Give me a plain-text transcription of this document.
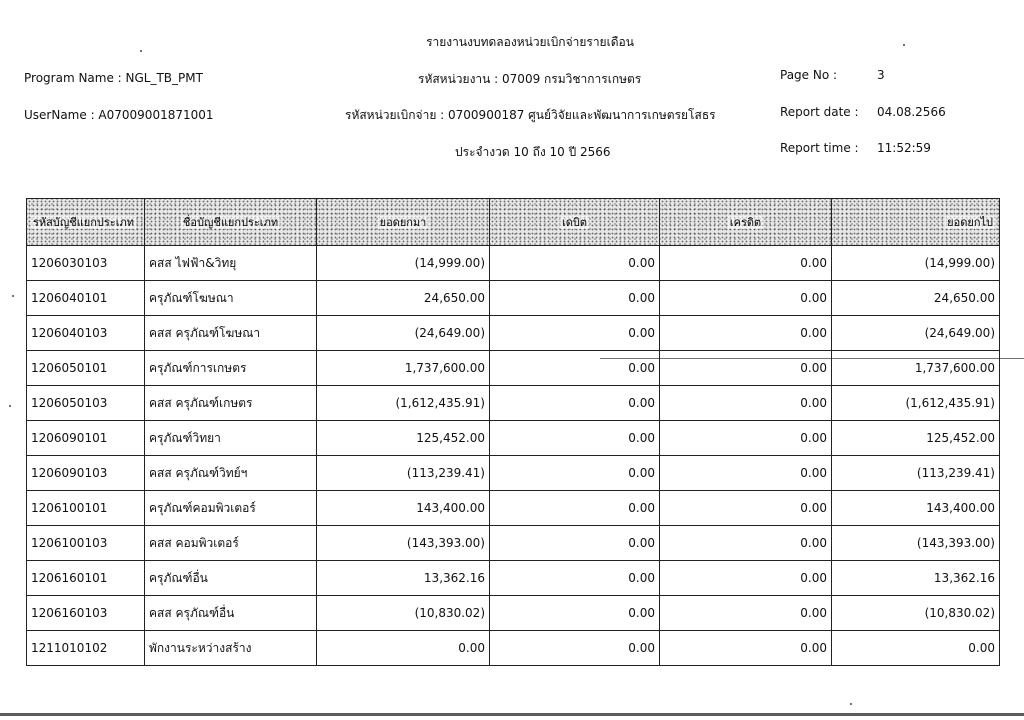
รายงานงบทดลองหน่วยเบิกจ่ายรายเดือน
Program Name : NGL_TB_PMT
UserName : A07009001871001
รหัสหน่วยงาน : 07009 กรมวิชาการเกษตร
รหัสหน่วยเบิกจ่าย : 0700900187 ศูนย์วิจัยและพัฒนาการเกษตรยโสธร
ประจำงวด 10 ถึง 10 ปี 2566
Page No :	3
Report date : 04.08.2566
Report time : 11:52:59
รหัสบัญชีแยกประเภท	ชื่อบัญชีแยกประเภท	ยอดยกมา	เดบิต	เครดิต	ยอดยกไป
1206030103	คสส ไฟฟ้า&วิทยุ	(14,999.00)	0.00	0.00	(14,999.00)
1206040101	ครุภัณฑ์โฆษณา	24,650.00	0.00	0.00	24,650.00
1206040103	คสส ครุภัณฑ์โฆษณา	(24,649.00)	0.00	0.00	(24,649.00)
1206050101	ครุภัณฑ์การเกษตร	1,737,600.00	0.00	0.00	1,737,600.00
1206050103	คสส ครุภัณฑ์เกษตร	(1,612,435.91)	0.00	0.00	(1,612,435.91)
1206090101	ครุภัณฑ์วิทยา	125,452.00	0.00	0.00	125,452.00
1206090103	คสส ครุภัณฑ์วิทย์ฯ	(113,239.41)	0.00	0.00	(113,239.41)
1206100101	ครุภัณฑ์คอมพิวเตอร์	143,400.00	0.00	0.00	143,400.00
1206100103	คสส คอมพิวเตอร์	(143,393.00)	0.00	0.00	(143,393.00)
1206160101	ครุภัณฑ์อื่น	13,362.16	0.00	0.00	13,362.16
1206160103	คสส ครุภัณฑ์อื่น	(10,830.02)	0.00	0.00	(10,830.02)
1211010102	พักงานระหว่างสร้าง	0.00	0.00	0.00	0.00
